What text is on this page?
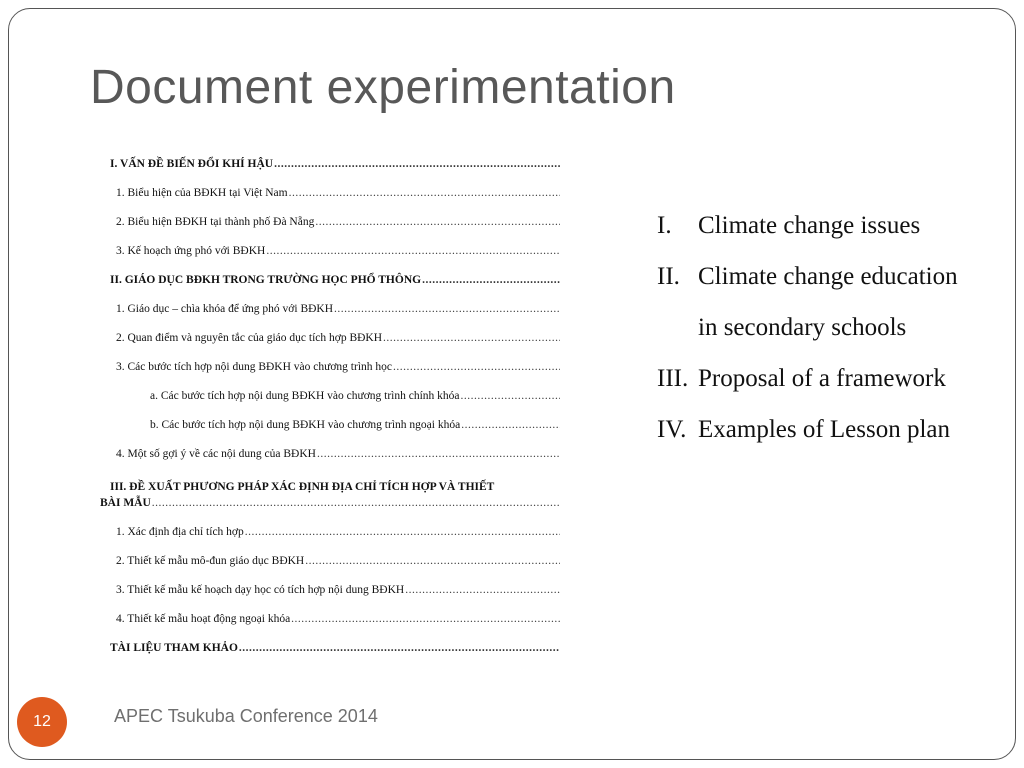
Document experimentation
I. VẤN ĐỀ BIẾN ĐỔI KHÍ HẬU
.....
1. Biểu hiện của BĐKH tại Việt Nam
.....
2. Biểu hiện BĐKH tại thành phố Đà Nẵng
.....
3. Kế hoạch ứng phó với BĐKH
.....
II. GIÁO DỤC BĐKH TRONG TRƯỜNG HỌC PHỔ THÔNG
.....
1. Giáo dục – chìa khóa để ứng phó với BĐKH
.....
2. Quan điểm và nguyên tắc của giáo dục tích hợp BĐKH
.....
3. Các bước tích hợp nội dung BĐKH vào chương trình học
.....
a. Các bước tích hợp nội dung BĐKH vào chương trình chính khóa
.....
b. Các bước tích hợp nội dung BĐKH vào chương trình ngoại khóa
.....
4. Một số gợi ý về các nội dung của BĐKH
.....
III. ĐỀ XUẤT PHƯƠNG PHÁP XÁC ĐỊNH ĐỊA CHỈ TÍCH HỢP VÀ THIẾT
BÀI MẪU
.....
1. Xác định địa chỉ tích hợp
.....
2. Thiết kế mẫu mô-đun giáo dục BĐKH
.....
3. Thiết kế mẫu kế hoạch dạy học có tích hợp nội dung BĐKH
.....
4. Thiết kế mẫu hoạt động ngoại khóa
.....
TÀI LIỆU THAM KHẢO
.....
I.	Climate change issues
II. Climate change education in secondary schools
III. Proposal of a framework
IV. Examples of Lesson plan
12	APEC Tsukuba Conference 2014
